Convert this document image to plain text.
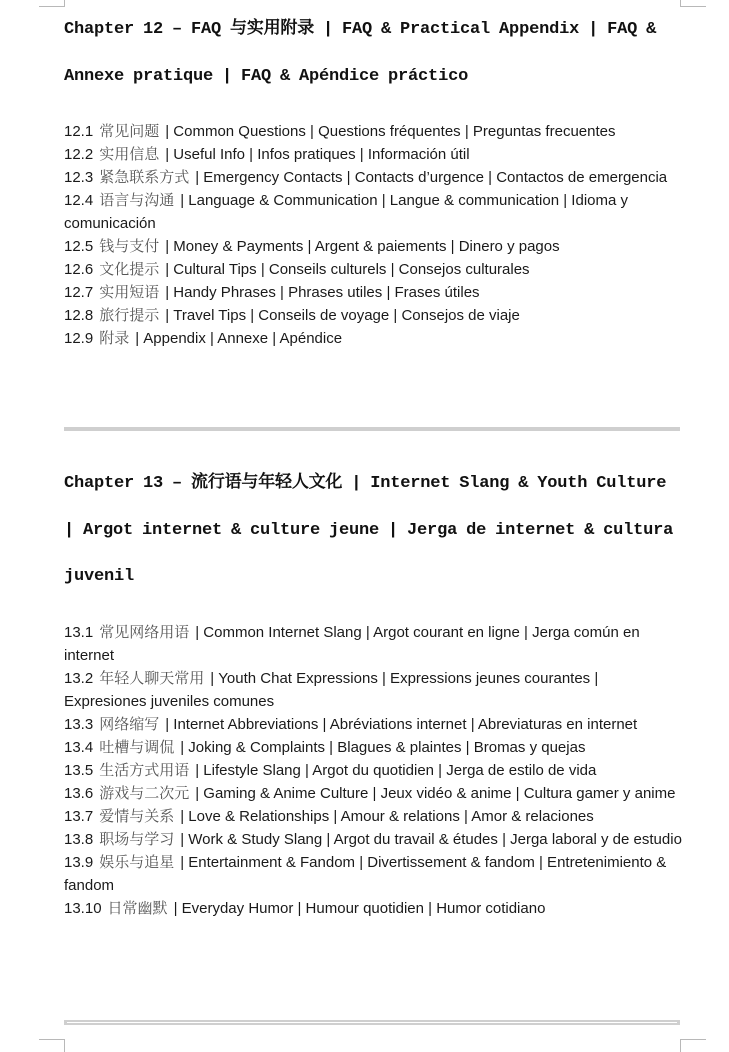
Chapter 12 – FAQ 与实用附录 | FAQ & Practical Appendix | FAQ & Annexe pratique | FAQ & Apéndice práctico
12.1 常见问题 | Common Questions | Questions fréquentes | Preguntas frecuentes
12.2 实用信息 | Useful Info | Infos pratiques | Información útil
12.3 紧急联系方式 | Emergency Contacts | Contacts d’urgence | Contactos de emergencia
12.4 语言与沟通 | Language & Communication | Langue & communication | Idioma y comunicación
12.5 钱与支付 | Money & Payments | Argent & paiements | Dinero y pagos
12.6 文化提示 | Cultural Tips | Conseils culturels | Consejos culturales
12.7 实用短语 | Handy Phrases | Phrases utiles | Frases útiles
12.8 旅行提示 | Travel Tips | Conseils de voyage | Consejos de viaje
12.9 附录 | Appendix | Annexe | Apéndice
Chapter 13 – 流行语与年轻人文化 | Internet Slang & Youth Culture | Argot internet & culture jeune | Jerga de internet & cultura juvenil
13.1 常见网络用语 | Common Internet Slang | Argot courant en ligne | Jerga común en internet
13.2 年轻人聊天常用 | Youth Chat Expressions | Expressions jeunes courantes | Expresiones juveniles comunes
13.3 网络缩写 | Internet Abbreviations | Abréviations internet | Abreviaturas en internet
13.4 吐槽与调侃 | Joking & Complaints | Blagues & plaintes | Bromas y quejas
13.5 生活方式用语 | Lifestyle Slang | Argot du quotidien | Jerga de estilo de vida
13.6 游戏与二次元 | Gaming & Anime Culture | Jeux vidéo & anime | Cultura gamer y anime
13.7 爱情与关系 | Love & Relationships | Amour & relations | Amor & relaciones
13.8 职场与学习 | Work & Study Slang | Argot du travail & études | Jerga laboral y de estudio
13.9 娱乐与追星 | Entertainment & Fandom | Divertissement & fandom | Entretenimiento & fandom
13.10 日常幽默 | Everyday Humor | Humour quotidien | Humor cotidiano
